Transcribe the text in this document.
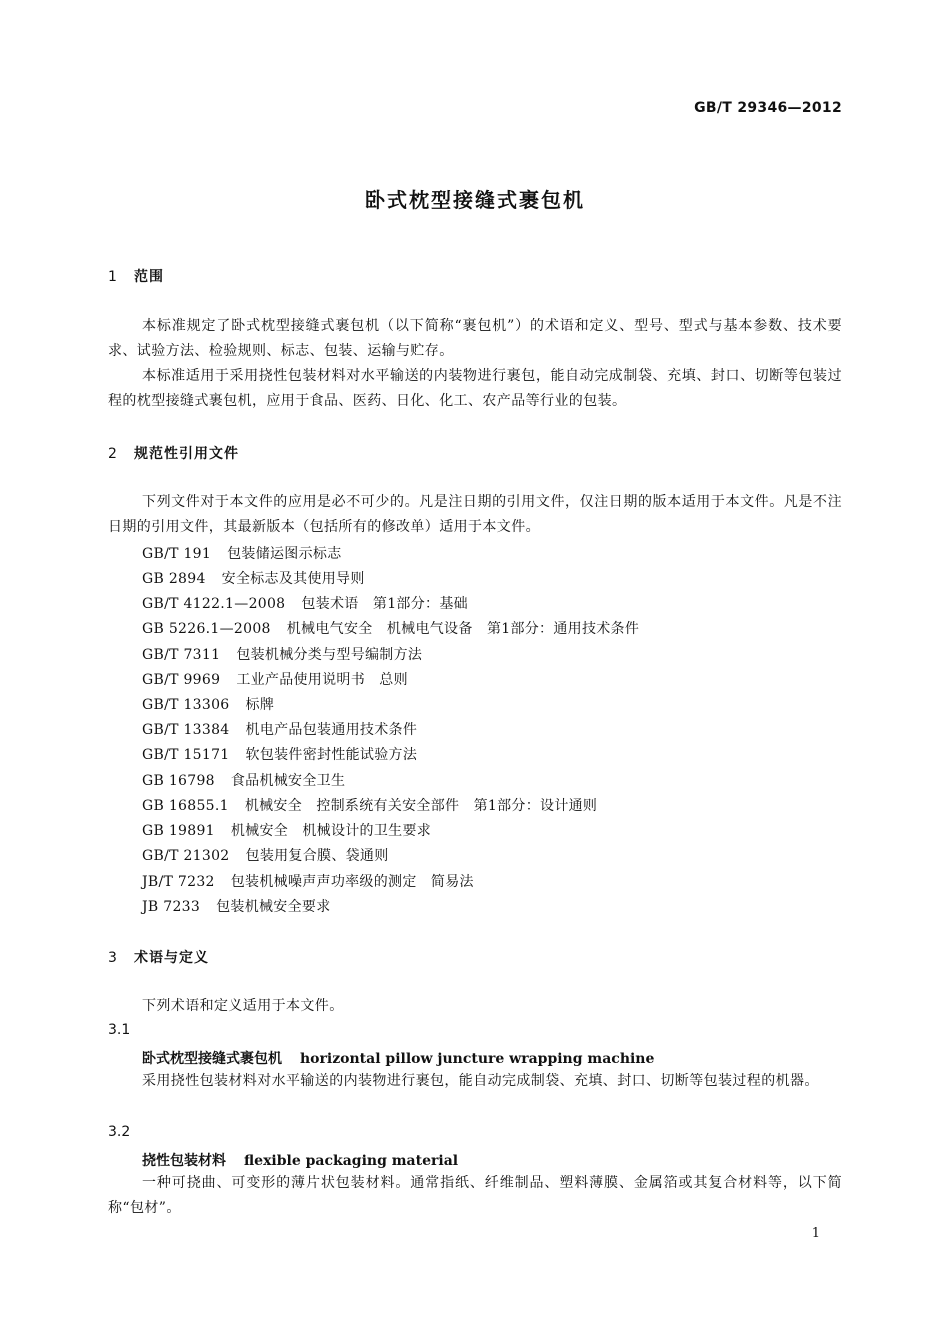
GB/T 29346—2012
卧式枕型接缝式裹包机
1 范围
本标准规定了卧式枕型接缝式裹包机（以下简称“裹包机”）的术语和定义、型号、型式与基本参数、技术要求、试验方法、检验规则、标志、包装、运输与贮存。
本标准适用于采用挠性包装材料对水平输送的内装物进行裹包，能自动完成制袋、充填、封口、切断等包装过程的枕型接缝式裹包机，应用于食品、医药、日化、化工、农产品等行业的包装。
2 规范性引用文件
下列文件对于本文件的应用是必不可少的。凡是注日期的引用文件，仅注日期的版本适用于本文件。凡是不注日期的引用文件，其最新版本（包括所有的修改单）适用于本文件。
GB/T 191 包装储运图示标志
GB 2894 安全标志及其使用导则
GB/T 4122.1—2008 包装术语　第1部分：基础
GB 5226.1—2008 机械电气安全　机械电气设备　第1部分：通用技术条件
GB/T 7311 包装机械分类与型号编制方法
GB/T 9969 工业产品使用说明书　总则
GB/T 13306 标牌
GB/T 13384 机电产品包装通用技术条件
GB/T 15171 软包装件密封性能试验方法
GB 16798 食品机械安全卫生
GB 16855.1 机械安全　控制系统有关安全部件　第1部分：设计通则
GB 19891 机械安全　机械设计的卫生要求
GB/T 21302 包装用复合膜、袋通则
JB/T 7232 包装机械噪声声功率级的测定　简易法
JB 7233 包装机械安全要求
3 术语与定义
下列术语和定义适用于本文件。
3.1
卧式枕型接缝式裹包机 horizontal pillow juncture wrapping machine
采用挠性包装材料对水平输送的内装物进行裹包，能自动完成制袋、充填、封口、切断等包装过程的机器。
3.2
挠性包装材料 flexible packaging material
一种可挠曲、可变形的薄片状包装材料。通常指纸、纤维制品、塑料薄膜、金属箔或其复合材料等，以下简称“包材”。
1
